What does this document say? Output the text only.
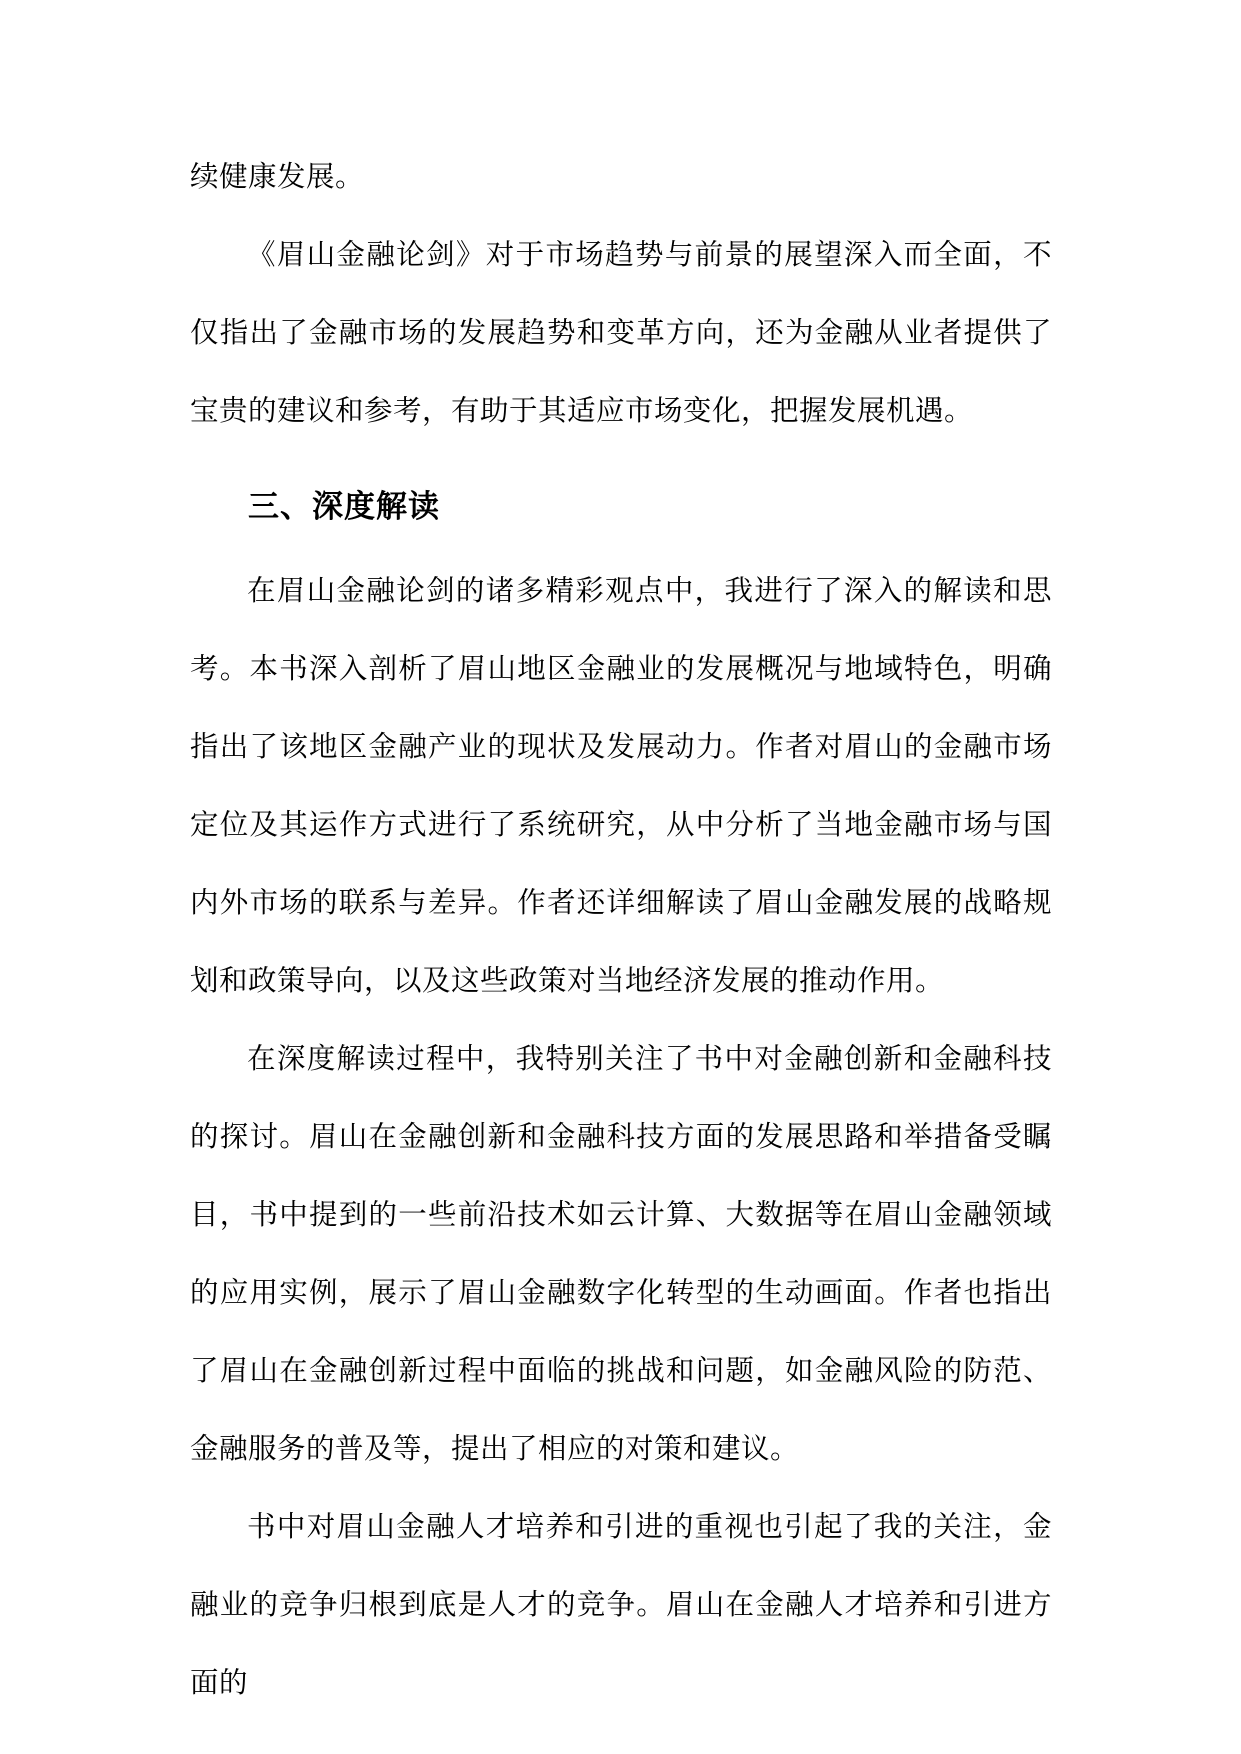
续健康发展。

《眉山金融论剑》对于市场趋势与前景的展望深入而全面，不仅指出了金融市场的发展趋势和变革方向，还为金融从业者提供了宝贵的建议和参考，有助于其适应市场变化，把握发展机遇。

三、深度解读

在眉山金融论剑的诸多精彩观点中，我进行了深入的解读和思考。本书深入剖析了眉山地区金融业的发展概况与地域特色，明确指出了该地区金融产业的现状及发展动力。作者对眉山的金融市场定位及其运作方式进行了系统研究，从中分析了当地金融市场与国内外市场的联系与差异。作者还详细解读了眉山金融发展的战略规划和政策导向，以及这些政策对当地经济发展的推动作用。

在深度解读过程中，我特别关注了书中对金融创新和金融科技的探讨。眉山在金融创新和金融科技方面的发展思路和举措备受瞩目，书中提到的一些前沿技术如云计算、大数据等在眉山金融领域的应用实例，展示了眉山金融数字化转型的生动画面。作者也指出了眉山在金融创新过程中面临的挑战和问题，如金融风险的防范、金融服务的普及等，提出了相应的对策和建议。

书中对眉山金融人才培养和引进的重视也引起了我的关注，金融业的竞争归根到底是人才的竞争。眉山在金融人才培养和引进方面的
